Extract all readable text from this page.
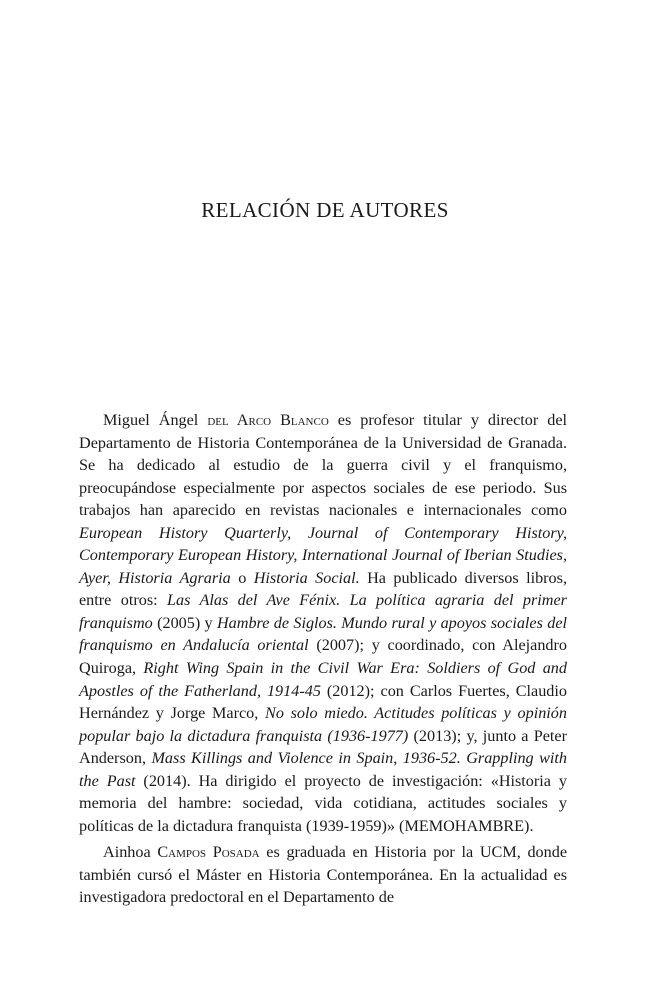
RELACIÓN DE AUTORES

Miguel Ángel del Arco Blanco es profesor titular y director del Departamento de Historia Contemporánea de la Universidad de Granada. Se ha dedicado al estudio de la guerra civil y el franquismo, preocupándose especialmente por aspectos sociales de ese periodo. Sus trabajos han aparecido en revistas nacionales e internacionales como European History Quarterly, Journal of Contemporary History, Contemporary European History, International Journal of Iberian Studies, Ayer, Historia Agraria o Historia Social. Ha publicado diversos libros, entre otros: Las Alas del Ave Fénix. La política agraria del primer franquismo (2005) y Hambre de Siglos. Mundo rural y apoyos sociales del franquismo en Andalucía oriental (2007); y coordinado, con Alejandro Quiroga, Right Wing Spain in the Civil War Era: Soldiers of God and Apostles of the Fatherland, 1914-45 (2012); con Carlos Fuertes, Claudio Hernández y Jorge Marco, No solo miedo. Actitudes políticas y opinión popular bajo la dictadura franquista (1936-1977) (2013); y, junto a Peter Anderson, Mass Killings and Violence in Spain, 1936-52. Grappling with the Past (2014). Ha dirigido el proyecto de investigación: «Historia y memoria del hambre: sociedad, vida cotidiana, actitudes sociales y políticas de la dictadura franquista (1939-1959)» (MEMOHAMBRE).

Ainhoa Campos Posada es graduada en Historia por la UCM, donde también cursó el Máster en Historia Contemporánea. En la actualidad es investigadora predoctoral en el Departamento de
